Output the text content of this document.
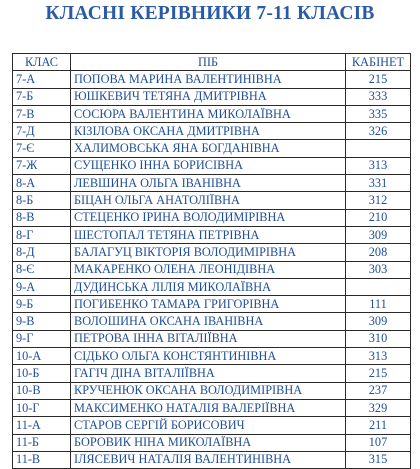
КЛАСНІ КЕРІВНИКИ 7-11 КЛАСІВ
КЛАС	ПІБ	КАБІНЕТ
7-А	ПОПОВА МАРИНА ВАЛЕНТИНІВНА	215
7-Б	ЮШКЕВИЧ ТЕТЯНА ДМИТРІВНА	333
7-В	СОСЮРА ВАЛЕНТИНА МИКОЛАЇВНА	335
7-Д	КІЗІЛОВА ОКСАНА ДМИТРІВНА	326
7-Є	ХАЛИМОВСЬКА ЯНА БОГДАНІВНА	
7-Ж	СУЩЕНКО ІННА БОРИСІВНА	313
8-А	ЛЕВШИНА ОЛЬГА ІВАНІВНА	331
8-Б	БІЦАН ОЛЬГА АНАТОЛІЇВНА	312
8-В	СТЕЦЕНКО ІРИНА ВОЛОДИМІРІВНА	210
8-Г	ШЕСТОПАЛ ТЕТЯНА ПЕТРІВНА	309
8-Д	БАЛАГУЦ ВІКТОРІЯ ВОЛОДИМІРІВНА	208
8-Є	МАКАРЕНКО ОЛЕНА ЛЕОНІДІВНА	303
9-А	ДУДИНСЬКА ЛІЛІЯ МИКОЛАЇВНА	
9-Б	ПОГИБЕНКО ТАМАРА ГРИГОРІВНА	111
9-В	ВОЛОШИНА ОКСАНА ІВАНІВНА	309
9-Г	ПЕТРОВА ІННА ВІТАЛІЇВНА	310
10-А	СІДЬКО ОЛЬГА КОНСТЯНТИНІВНА	313
10-Б	ГАГІЧ ДІНА ВІТАЛІЇВНА	215
10-В	КРУЧЕНЮК ОКСАНА ВОЛОДИМІРІВНА	237
10-Г	МАКСИМЕНКО НАТАЛІЯ ВАЛЕРІЇВНА	329
11-А	СТАРОВ СЕРГІЙ БОРИСОВИЧ	211
11-Б	БОРОВИК НІНА МИКОЛАЇВНА	107
11-В	ІЛЯСЕВИЧ НАТАЛІЯ ВАЛЕНТИНІВНА	315
